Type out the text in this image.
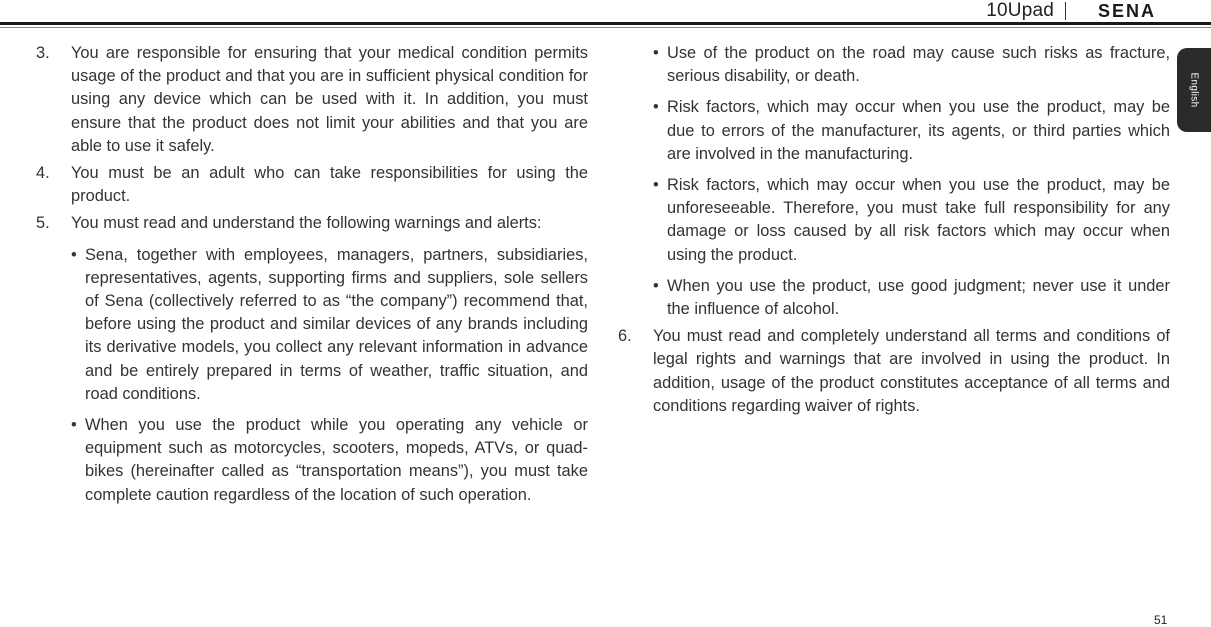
10Upad SENA
English
3. You are responsible for ensuring that your medical condition permits usage of the product and that you are in sufficient physical condition for using any device which can be used with it. In addition, you must ensure that the product does not limit your abilities and that you are able to use it safely.
4. You must be an adult who can take responsibilities for using the product.
5. You must read and understand the following warnings and alerts:
• Sena, together with employees, managers, partners, subsidiaries, representatives, agents, supporting firms and suppliers, sole sellers of Sena (collectively referred to as “the company”) recommend that, before using the product and similar devices of any brands including its derivative models, you collect any relevant information in advance and be entirely prepared in terms of weather, traffic situation, and road conditions.
• When you use the product while you operating any vehicle or equipment such as motorcycles, scooters, mopeds, ATVs, or quad-bikes (hereinafter called as “transportation means”), you must take complete caution regardless of the location of such operation.
• Use of the product on the road may cause such risks as fracture, serious disability, or death.
• Risk factors, which may occur when you use the product, may be due to errors of the manufacturer, its agents, or third parties which are involved in the manufacturing.
• Risk factors, which may occur when you use the product, may be unforeseeable. Therefore, you must take full responsibility for any damage or loss caused by all risk factors which may occur when using the product.
• When you use the product, use good judgment; never use it under the influence of alcohol.
6. You must read and completely understand all terms and conditions of legal rights and warnings that are involved in using the product. In addition, usage of the product constitutes acceptance of all terms and conditions regarding waiver of rights.
51
